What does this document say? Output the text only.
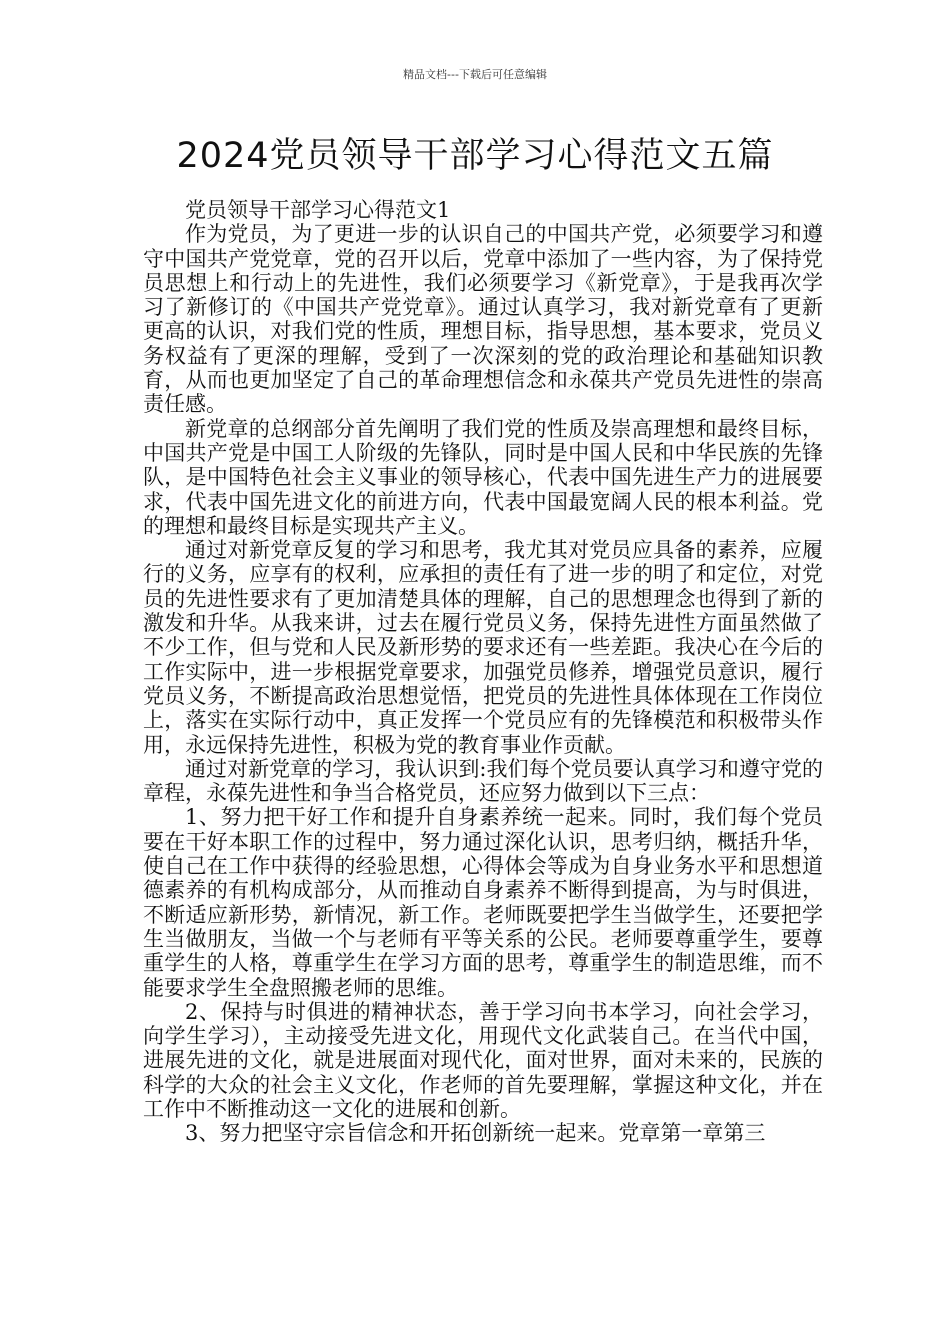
精品文档---下载后可任意编辑
2024党员领导干部学习心得范文五篇

党员领导干部学习心得范文1

作为党员，为了更进一步的认识自己的中国共产党，必须要学习和遵守中国共产党党章，党的召开以后，党章中添加了一些内容，为了保持党员思想上和行动上的先进性，我们必须要学习《新党章》，于是我再次学习了新修订的《中国共产党党章》。通过认真学习，我对新党章有了更新更高的认识，对我们党的性质，理想目标，指导思想，基本要求，党员义务权益有了更深的理解，受到了一次深刻的党的政治理论和基础知识教育，从而也更加坚定了自己的革命理想信念和永葆共产党员先进性的崇高责任感。

新党章的总纲部分首先阐明了我们党的性质及崇高理想和最终目标，中国共产党是中国工人阶级的先锋队，同时是中国人民和中华民族的先锋队，是中国特色社会主义事业的领导核心，代表中国先进生产力的进展要求，代表中国先进文化的前进方向，代表中国最宽阔人民的根本利益。党的理想和最终目标是实现共产主义。

通过对新党章反复的学习和思考，我尤其对党员应具备的素养，应履行的义务，应享有的权利，应承担的责任有了进一步的明了和定位，对党员的先进性要求有了更加清楚具体的理解，自己的思想理念也得到了新的激发和升华。从我来讲，过去在履行党员义务，保持先进性方面虽然做了不少工作，但与党和人民及新形势的要求还有一些差距。我决心在今后的工作实际中，进一步根据党章要求，加强党员修养，增强党员意识，履行党员义务，不断提高政治思想觉悟，把党员的先进性具体体现在工作岗位上，落实在实际行动中，真正发挥一个党员应有的先锋模范和积极带头作用，永远保持先进性，积极为党的教育事业作贡献。

通过对新党章的学习，我认识到:我们每个党员要认真学习和遵守党的章程，永葆先进性和争当合格党员，还应努力做到以下三点：

1、努力把干好工作和提升自身素养统一起来。同时，我们每个党员要在干好本职工作的过程中，努力通过深化认识，思考归纳，概括升华，使自己在工作中获得的经验思想，心得体会等成为自身业务水平和思想道德素养的有机构成部分，从而推动自身素养不断得到提高，为与时俱进，不断适应新形势，新情况，新工作。老师既要把学生当做学生，还要把学生当做朋友，当做一个与老师有平等关系的公民。老师要尊重学生，要尊重学生的人格，尊重学生在学习方面的思考，尊重学生的制造思维，而不能要求学生全盘照搬老师的思维。

2、保持与时俱进的精神状态，善于学习向书本学习，向社会学习，向学生学习），主动接受先进文化，用现代文化武装自己。在当代中国，进展先进的文化，就是进展面对现代化，面对世界，面对未来的，民族的科学的大众的社会主义文化，作老师的首先要理解，掌握这种文化，并在工作中不断推动这一文化的进展和创新。

3、努力把坚守宗旨信念和开拓创新统一起来。党章第一章第三
